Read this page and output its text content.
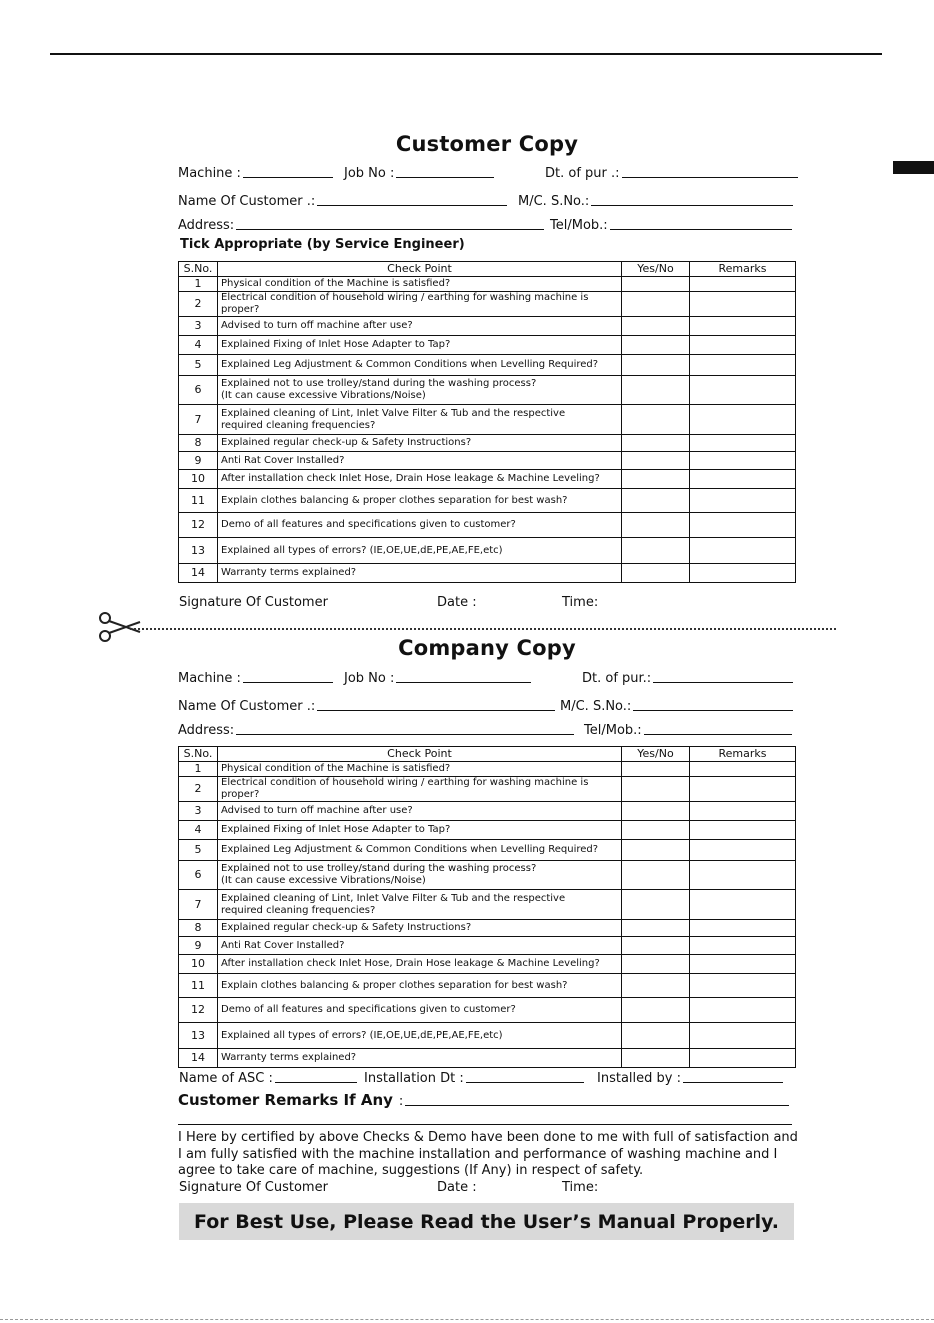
Customer Copy
Machine :	Job No :	Dt. of pur .:
Name Of Customer .:	M/C. S.No.:
Address:	Tel/Mob.:
Tick Appropriate (by Service Engineer)
S.No.	Check Point	Yes/No	Remarks
1	Physical condition of the Machine is satisfied?		

2	Electrical condition of household wiring / earthing for washing machine is proper?		

3	Advised to turn off machine after use?		

4	Explained Fixing of Inlet Hose Adapter to Tap?		

5	Explained Leg Adjustment & Common Conditions when Levelling Required?		

6	Explained not to use trolley/stand during the washing process?
(It can cause excessive Vibrations/Noise)		

7	Explained cleaning of Lint, Inlet Valve Filter & Tub and the respective
required cleaning frequencies?		

8	Explained regular check-up & Safety Instructions?		

9	Anti Rat Cover Installed?		

10	After installation check Inlet Hose, Drain Hose leakage & Machine Leveling?		

11	Explain clothes balancing & proper clothes separation for best wash?		

12	Demo of all features and specifications given to customer?		

13	Explained all types of errors? (IE,OE,UE,dE,PE,AE,FE,etc)		

14	Warranty terms explained?		

Signature Of Customer	Date :	Time:
Company Copy
Machine :	Job No :	Dt. of pur.:
Name Of Customer .:	M/C. S.No.:
Address:	Tel/Mob.:
S.No.	Check Point	Yes/No	Remarks
1	Physical condition of the Machine is satisfied?		

2	Electrical condition of household wiring / earthing for washing machine is proper?		

3	Advised to turn off machine after use?		

4	Explained Fixing of Inlet Hose Adapter to Tap?		

5	Explained Leg Adjustment & Common Conditions when Levelling Required?		

6	Explained not to use trolley/stand during the washing process?
(It can cause excessive Vibrations/Noise)		

7	Explained cleaning of Lint, Inlet Valve Filter & Tub and the respective
required cleaning frequencies?		

8	Explained regular check-up & Safety Instructions?		

9	Anti Rat Cover Installed?		

10	After installation check Inlet Hose, Drain Hose leakage & Machine Leveling?		

11	Explain clothes balancing & proper clothes separation for best wash?		

12	Demo of all features and specifications given to customer?		

13	Explained all types of errors? (IE,OE,UE,dE,PE,AE,FE,etc)		

14	Warranty terms explained?		

Name of ASC :	Installation Dt :	Installed by :
Customer Remarks If Any :
I Here by certified by above Checks & Demo have been done to me with full of satisfaction and
I am fully satisfied with the machine installation and performance of washing machine and I
agree to take care of machine, suggestions (If Any) in respect of safety.
Signature Of Customer	Date :	Time:
For Best Use, Please Read the User’s Manual Properly.
